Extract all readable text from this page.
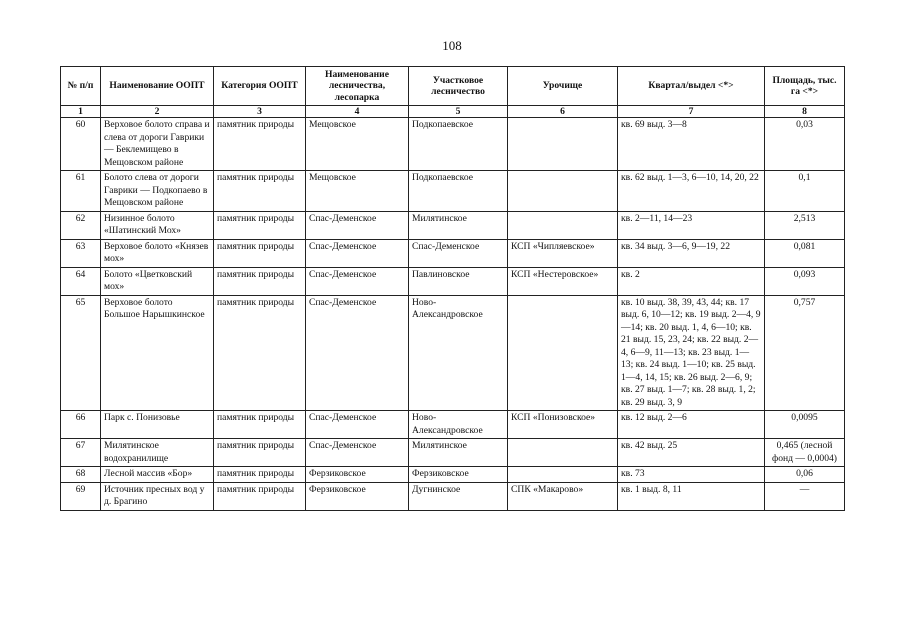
108
№ п/п	Наименование ООПТ	Категория ООПТ	Наименование лесничества, лесопарка	Участковое лесничество	Урочище	Квартал/выдел <*>	Площадь, тыс. га <*>
1	2	3	4	5	6	7	8
60	Верховое болото справа и слева от дороги Гаврики — Беклемищево в Мещовском районе	памятник природы	Мещовское	Подкопаевское		кв. 69 выд. 3—8	0,03
61	Болото слева от дороги Гаврики — Подкопаево в Мещовском районе	памятник природы	Мещовское	Подкопаевское		кв. 62 выд. 1—3, 6—10, 14, 20, 22	0,1
62	Низинное болото «Шатинский Мох»	памятник природы	Спас-Деменское	Милятинское		кв. 2—11, 14—23	2,513
63	Верховое болото «Князев мох»	памятник природы	Спас-Деменское	Спас-Деменское	КСП «Чипляевское»	кв. 34 выд. 3—6, 9—19, 22	0,081
64	Болото «Цветковский мох»	памятник природы	Спас-Деменское	Павлиновское	КСП «Нестеровское»	кв. 2	0,093
65	Верховое болото Большое Нарышкинское	памятник природы	Спас-Деменское	Ново-Александровское		кв. 10 выд. 38, 39, 43, 44; кв. 17 выд. 6, 10—12; кв. 19 выд. 2—4, 9—14; кв. 20 выд. 1, 4, 6—10; кв. 21 выд. 15, 23, 24; кв. 22 выд. 2—4, 6—9, 11—13; кв. 23 выд. 1—13; кв. 24 выд. 1—10; кв. 25 выд. 1—4, 14, 15; кв. 26 выд. 2—6, 9; кв. 27 выд. 1—7; кв. 28 выд. 1, 2; кв. 29 выд. 3, 9	0,757
66	Парк с. Понизовье	памятник природы	Спас-Деменское	Ново-Александровское	КСП «Понизовское»	кв. 12 выд. 2—6	0,0095
67	Милятинское водохранилище	памятник природы	Спас-Деменское	Милятинское		кв. 42 выд. 25	0,465 (лесной фонд — 0,0004)
68	Лесной массив «Бор»	памятник природы	Ферзиковское	Ферзиковское		кв. 73	0,06
69	Источник пресных вод у д. Брагино	памятник природы	Ферзиковское	Дугнинское	СПК «Макарово»	кв. 1 выд. 8, 11	—
